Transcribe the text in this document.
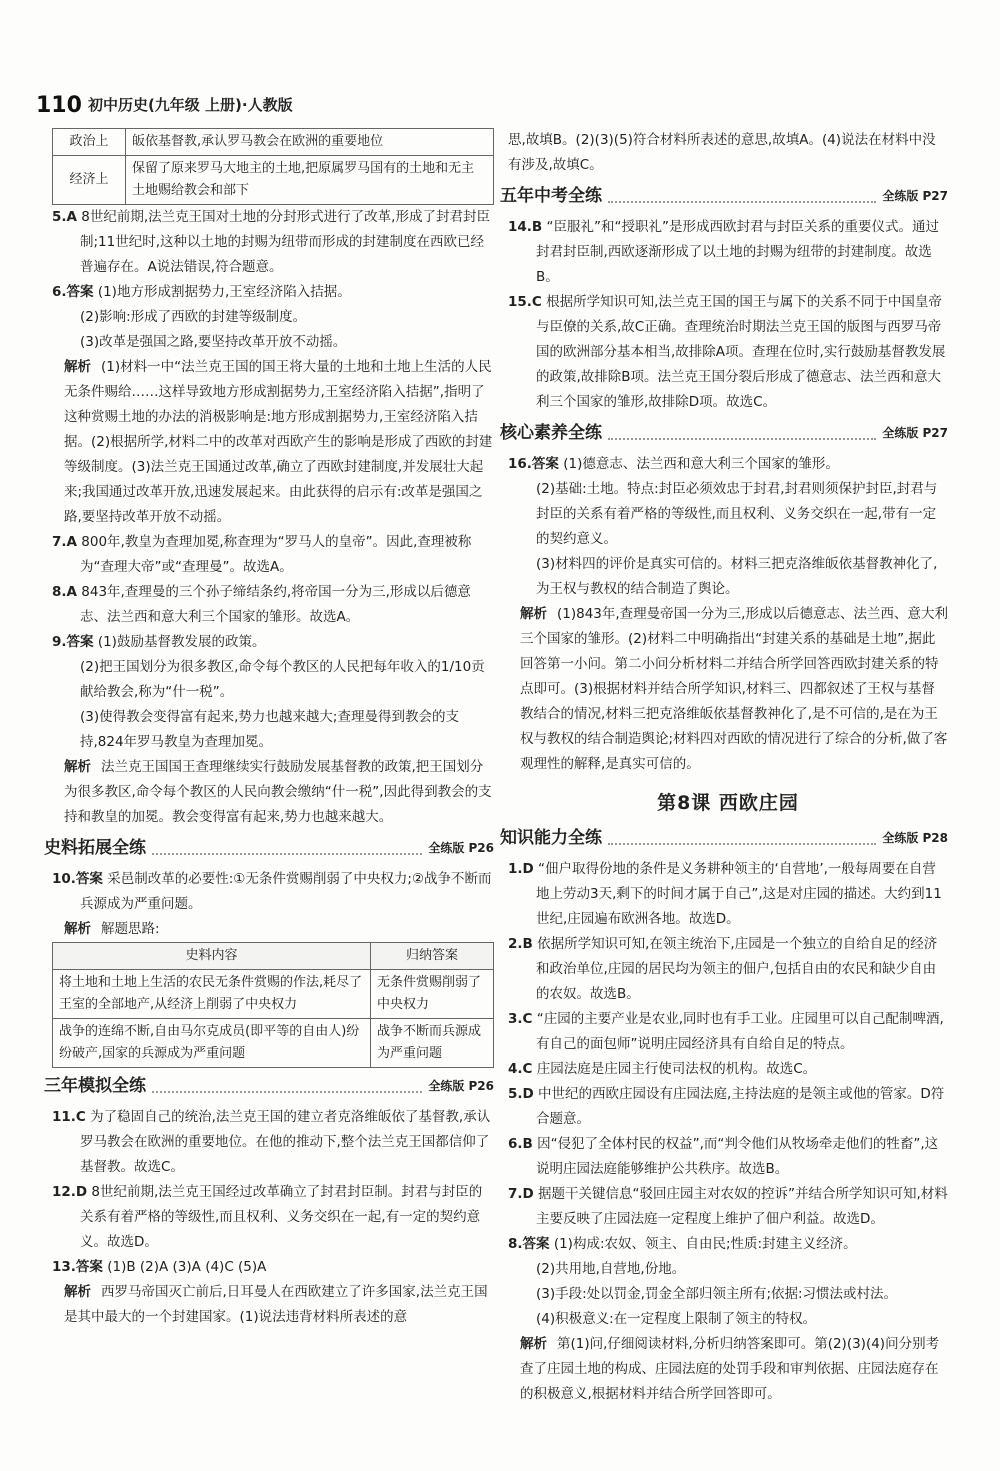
110 初中历史(九年级 上册)·人教版
政治上	皈依基督教,承认罗马教会在欧洲的重要地位
经济上	保留了原来罗马大地主的土地,把原属罗马国有的土地和无主土地赐给教会和部下

5.A 8世纪前期,法兰克王国对土地的分封形式进行了改革,形成了封君封臣制;11世纪时,这种以土地的封赐为纽带而形成的封建制度在西欧已经普遍存在。A说法错误,符合题意。

6.答案 (1)地方形成割据势力,王室经济陷入拮据。

(2)影响:形成了西欧的封建等级制度。

(3)改革是强国之路,要坚持改革开放不动摇。

解析 (1)材料一中“法兰克王国的国王将大量的土地和土地上生活的人民无条件赐给……这样导致地方形成割据势力,王室经济陷入拮据”,指明了这种赏赐土地的办法的消极影响是:地方形成割据势力,王室经济陷入拮据。(2)根据所学,材料二中的改革对西欧产生的影响是形成了西欧的封建等级制度。(3)法兰克王国通过改革,确立了西欧封建制度,并发展壮大起来;我国通过改革开放,迅速发展起来。由此获得的启示有:改革是强国之路,要坚持改革开放不动摇。

7.A 800年,教皇为查理加冕,称查理为“罗马人的皇帝”。因此,查理被称为“查理大帝”或“查理曼”。故选A。

8.A 843年,查理曼的三个孙子缔结条约,将帝国一分为三,形成以后德意志、法兰西和意大利三个国家的雏形。故选A。

9.答案 (1)鼓励基督教发展的政策。

(2)把王国划分为很多教区,命令每个教区的人民把每年收入的1/10贡献给教会,称为“什一税”。

(3)使得教会变得富有起来,势力也越来越大;查理曼得到教会的支持,824年罗马教皇为查理加冕。

解析 法兰克王国国王查理继续实行鼓励发展基督教的政策,把王国划分为很多教区,命令每个教区的人民向教会缴纳“什一税”,因此得到教会的支持和教皇的加冕。教会变得富有起来,势力也越来越大。

史料拓展全练	全练版 P26

10.答案 采邑制改革的必要性:①无条件赏赐削弱了中央权力;②战争不断而兵源成为严重问题。

解析 解题思路:

史料内容	归纳答案
将土地和土地上生活的农民无条件赏赐的作法,耗尽了王室的全部地产,从经济上削弱了中央权力	无条件赏赐削弱了中央权力
战争的连绵不断,自由马尔克成员(即平等的自由人)纷纷破产,国家的兵源成为严重问题	战争不断而兵源成为严重问题
三年模拟全练	全练版 P26

11.C 为了稳固自己的统治,法兰克王国的建立者克洛维皈依了基督教,承认罗马教会在欧洲的重要地位。在他的推动下,整个法兰克王国都信仰了基督教。故选C。

12.D 8世纪前期,法兰克王国经过改革确立了封君封臣制。封君与封臣的关系有着严格的等级性,而且权利、义务交织在一起,有一定的契约意义。故选D。

13.答案 (1)B (2)A (3)A (4)C (5)A

解析 西罗马帝国灭亡前后,日耳曼人在西欧建立了许多国家,法兰克王国是其中最大的一个封建国家。(1)说法违背材料所表述的意

思,故填B。(2)(3)(5)符合材料所表述的意思,故填A。(4)说法在材料中没有涉及,故填C。

五年中考全练	全练版 P27

14.B “臣服礼”和“授职礼”是形成西欧封君与封臣关系的重要仪式。通过封君封臣制,西欧逐渐形成了以土地的封赐为纽带的封建制度。故选B。

15.C 根据所学知识可知,法兰克王国的国王与属下的关系不同于中国皇帝与臣僚的关系,故C正确。查理统治时期法兰克王国的版图与西罗马帝国的欧洲部分基本相当,故排除A项。查理在位时,实行鼓励基督教发展的政策,故排除B项。法兰克王国分裂后形成了德意志、法兰西和意大利三个国家的雏形,故排除D项。故选C。

核心素养全练	全练版 P27

16.答案 (1)德意志、法兰西和意大利三个国家的雏形。

(2)基础:土地。特点:封臣必须效忠于封君,封君则须保护封臣,封君与封臣的关系有着严格的等级性,而且权利、义务交织在一起,带有一定的契约意义。

(3)材料四的评价是真实可信的。材料三把克洛维皈依基督教神化了,为王权与教权的结合制造了舆论。

解析 (1)843年,查理曼帝国一分为三,形成以后德意志、法兰西、意大利三个国家的雏形。(2)材料二中明确指出“封建关系的基础是土地”,据此回答第一小问。第二小问分析材料二并结合所学回答西欧封建关系的特点即可。(3)根据材料并结合所学知识,材料三、四都叙述了王权与基督教结合的情况,材料三把克洛维皈依基督教神化了,是不可信的,是在为王权与教权的结合制造舆论;材料四对西欧的情况进行了综合的分析,做了客观理性的解释,是真实可信的。

第8课 西欧庄园
知识能力全练	全练版 P28

1.D “佃户取得份地的条件是义务耕种领主的‘自营地’,一般每周要在自营地上劳动3天,剩下的时间才属于自己”,这是对庄园的描述。大约到11世纪,庄园遍布欧洲各地。故选D。

2.B 依据所学知识可知,在领主统治下,庄园是一个独立的自给自足的经济和政治单位,庄园的居民均为领主的佃户,包括自由的农民和缺少自由的农奴。故选B。

3.C “庄园的主要产业是农业,同时也有手工业。庄园里可以自己配制啤酒,有自己的面包师”说明庄园经济具有自给自足的特点。

4.C 庄园法庭是庄园主行使司法权的机构。故选C。

5.D 中世纪的西欧庄园设有庄园法庭,主持法庭的是领主或他的管家。D符合题意。

6.B 因“侵犯了全体村民的权益”,而“判令他们从牧场牵走他们的牲畜”,这说明庄园法庭能够维护公共秩序。故选B。

7.D 据题干关键信息“驳回庄园主对农奴的控诉”并结合所学知识可知,材料主要反映了庄园法庭一定程度上维护了佃户利益。故选D。

8.答案 (1)构成:农奴、领主、自由民;性质:封建主义经济。

(2)共用地,自营地,份地。

(3)手段:处以罚金,罚金全部归领主所有;依据:习惯法或村法。

(4)积极意义:在一定程度上限制了领主的特权。

解析 第(1)问,仔细阅读材料,分析归纳答案即可。第(2)(3)(4)问分别考查了庄园土地的构成、庄园法庭的处罚手段和审判依据、庄园法庭存在的积极意义,根据材料并结合所学回答即可。
